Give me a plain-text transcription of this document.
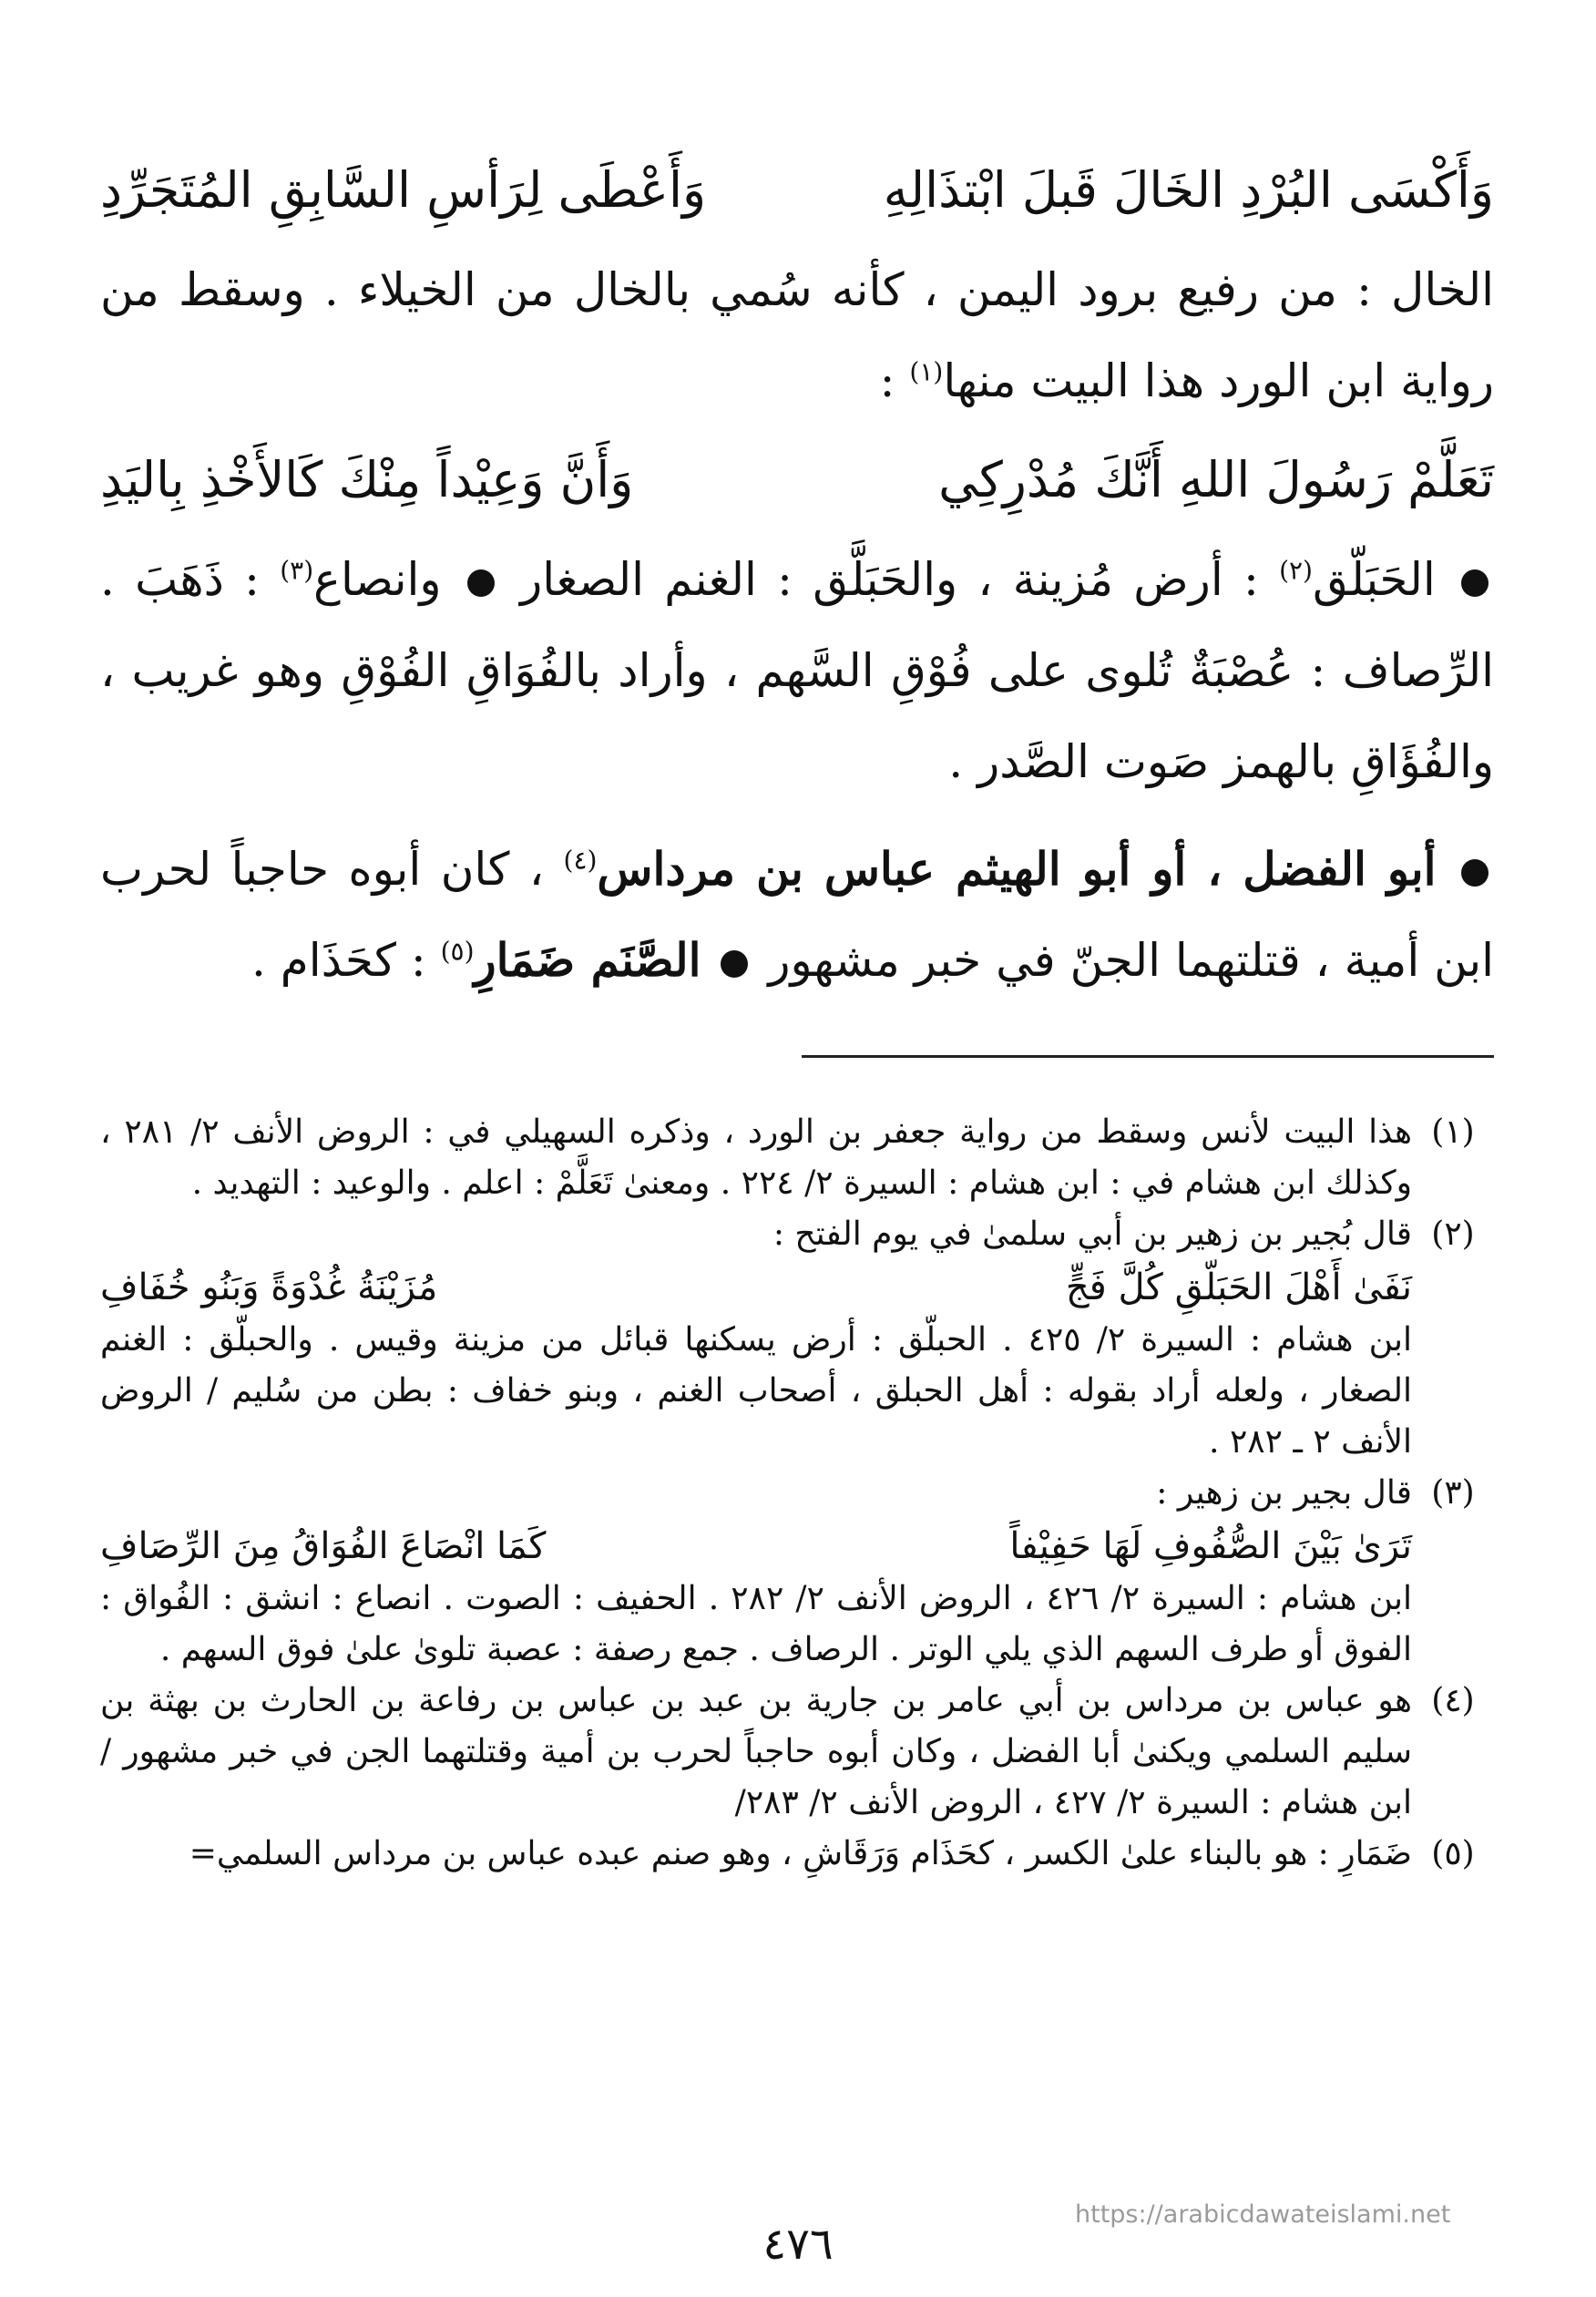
وَأَكْسَى البُرْدِ الخَالَ قَبلَ ابْتذَالِهِ
وَأَعْطَى لِرَأسِ السَّابِقِ المُتَجَرِّدِ

الخال : من رفيع برود اليمن ، كأنه سُمي بالخال من الخيلاء . وسقط من رواية ابن الورد هذا البيت منها$^{(١)}$ :

تَعَلَّمْ رَسُولَ اللهِ أَنَّكَ مُدْرِكِي
وَأَنَّ وَعِيْداً مِنْكَ كَالأَخْذِ بِاليَدِ

الحَبَلّق$^{(٢)}$ : أرض مُزينة ، والحَبَلَّق : الغنم الصغار  وانصاع$^{(٣)}$ : ذَهَبَ . الرِّصاف : عُصْبَةٌ تُلوى على فُوْقِ السَّهم ، وأراد بالفُوَاقِ الفُوْقِ وهو غريب ، والفُؤَاقِ بالهمز صَوت الصَّدر .

أبو الفضل ، أو أبو الهيثم عباس بن مرداس$^{(٤)}$ ، كان أبوه حاجباً لحرب ابن أمية ، قتلتهما الجنّ في خبر مشهور  الصَّنَم ضَمَارِ$^{(٥)}$ : كحَذَام .

(١)

هذا البيت لأنس وسقط من رواية جعفر بن الورد ، وذكره السهيلي في : الروض الأنف ٢/ ٢٨١ ، وكذلك ابن هشام في : ابن هشام : السيرة ٢/ ٢٢٤ . ومعنىٰ تَعَلَّمْ : اعلم . والوعيد : التهديد .

(٢)

قال بُجير بن زهير بن أبي سلمىٰ في يوم الفتح :

نَفَىٰ أَهْلَ الحَبَلّقِ كُلَّ فَجٍّ
مُزَيْنَةُ غُدْوَةً وَبَنُو خُفَافِ

ابن هشام : السيرة ٢/ ٤٢٥ . الحبلّق : أرض يسكنها قبائل من مزينة وقيس . والحبلّق : الغنم الصغار ، ولعله أراد بقوله : أهل الحبلق ، أصحاب الغنم ، وبنو خفاف : بطن من سُليم / الروض الأنف ٢ ـ ٢٨٢ .

(٣)

قال بجير بن زهير :

تَرَىٰ بَيْنَ الصُّفُوفِ لَهَا حَفِيْفاً
كَمَا انْصَاعَ الفُوَاقُ مِنَ الرِّصَافِ

ابن هشام : السيرة ٢/ ٤٢٦ ، الروض الأنف ٢/ ٢٨٢ . الحفيف : الصوت . انصاع : انشق : الفُواق : الفوق أو طرف السهم الذي يلي الوتر . الرصاف . جمع رصفة : عصبة تلوىٰ علىٰ فوق السهم .

(٤)

هو عباس بن مرداس بن أبي عامر بن جارية بن عبد بن عباس بن رفاعة بن الحارث بن بهثة بن سليم السلمي ويكنىٰ أبا الفضل ، وكان أبوه حاجباً لحرب بن أمية وقتلتهما الجن في خبر مشهور / ابن هشام : السيرة ٢/ ٤٢٧ ، الروض الأنف ٢/ ٢٨٣/

(٥)

ضَمَارِ : هو بالبناء علىٰ الكسر ، كحَذَام وَرَقَاشِ ، وهو صنم عبده عباس بن مرداس السلمي=

https://arabicdawateislami.net
٤٧٦
